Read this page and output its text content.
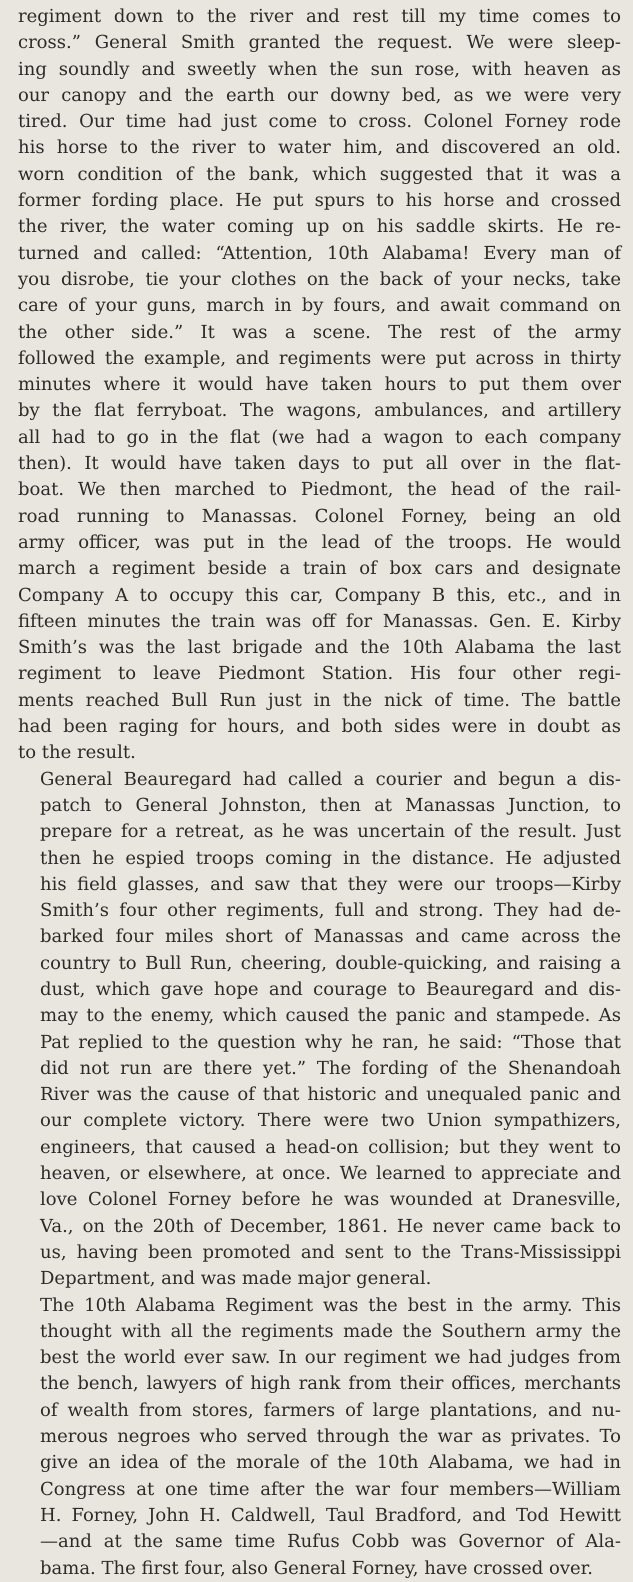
regiment down to the river and rest till my time comes to
cross.” General Smith granted the request. We were sleep-
ing soundly and sweetly when the sun rose, with heaven as
our canopy and the earth our downy bed, as we were very
tired. Our time had just come to cross. Colonel Forney rode
his horse to the river to water him, and discovered an old.
worn condition of the bank, which suggested that it was a
former fording place. He put spurs to his horse and crossed
the river, the water coming up on his saddle skirts. He re-
turned and called: “Attention, 10th Alabama! Every man of
you disrobe, tie your clothes on the back of your necks, take
care of your guns, march in by fours, and await command on
the other side.” It was a scene. The rest of the army
followed the example, and regiments were put across in thirty
minutes where it would have taken hours to put them over
by the flat ferryboat. The wagons, ambulances, and artillery
all had to go in the flat (we had a wagon to each company
then). It would have taken days to put all over in the flat-
boat. We then marched to Piedmont, the head of the rail-
road running to Manassas. Colonel Forney, being an old
army officer, was put in the lead of the troops. He would
march a regiment beside a train of box cars and designate
Company A to occupy this car, Company B this, etc., and in
fifteen minutes the train was off for Manassas. Gen. E. Kirby
Smith’s was the last brigade and the 10th Alabama the last
regiment to leave Piedmont Station. His four other regi-
ments reached Bull Run just in the nick of time. The battle
had been raging for hours, and both sides were in doubt as
to the result.
General Beauregard had called a courier and begun a dis-
patch to General Johnston, then at Manassas Junction, to
prepare for a retreat, as he was uncertain of the result. Just
then he espied troops coming in the distance. He adjusted
his field glasses, and saw that they were our troops—Kirby
Smith’s four other regiments, full and strong. They had de-
barked four miles short of Manassas and came across the
country to Bull Run, cheering, double-quicking, and raising a
dust, which gave hope and courage to Beauregard and dis-
may to the enemy, which caused the panic and stampede. As
Pat replied to the question why he ran, he said: “Those that
did not run are there yet.” The fording of the Shenandoah
River was the cause of that historic and unequaled panic and
our complete victory. There were two Union sympathizers,
engineers, that caused a head-on collision; but they went to
heaven, or elsewhere, at once. We learned to appreciate and
love Colonel Forney before he was wounded at Dranesville,
Va., on the 20th of December, 1861. He never came back to
us, having been promoted and sent to the Trans-Mississippi
Department, and was made major general.
The 10th Alabama Regiment was the best in the army. This
thought with all the regiments made the Southern army the
best the world ever saw. In our regiment we had judges from
the bench, lawyers of high rank from their offices, merchants
of wealth from stores, farmers of large plantations, and nu-
merous negroes who served through the war as privates. To
give an idea of the morale of the 10th Alabama, we had in
Congress at one time after the war four members—William
H. Forney, John H. Caldwell, Taul Bradford, and Tod Hewitt
—and at the same time Rufus Cobb was Governor of Ala-
bama. The first four, also General Forney, have crossed over.
